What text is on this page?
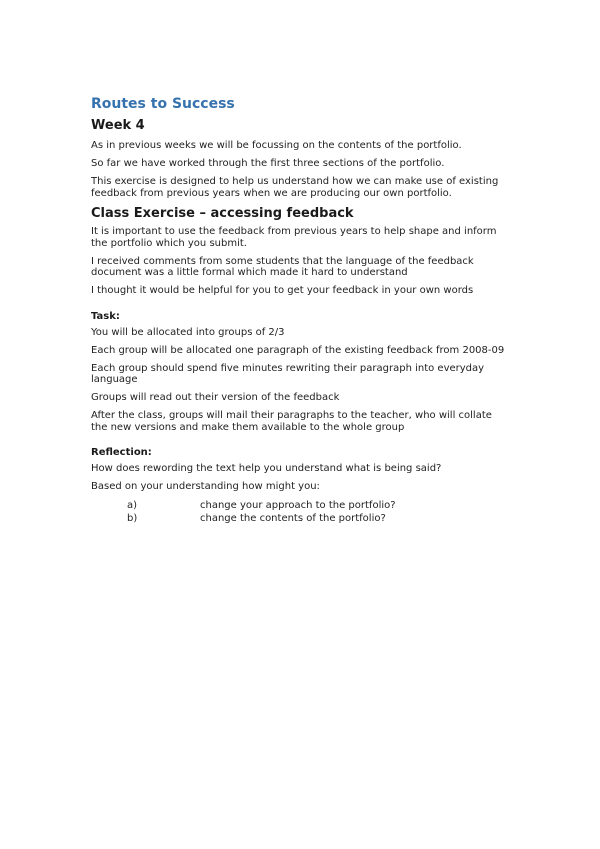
Routes to Success
Week 4

As in previous weeks we will be focussing on the contents of the portfolio.

So far we have worked through the first three sections of the portfolio.

This exercise is designed to help us understand how we can make use of existing feedback from previous years when we are producing our own portfolio.

Class Exercise – accessing feedback

It is important to use the feedback from previous years to help shape and inform the portfolio which you submit.

I received comments from some students that the language of the feedback document was a little formal which made it hard to understand

I thought it would be helpful for you to get your feedback in your own words

Task:

You will be allocated into groups of 2/3

Each group will be allocated one paragraph of the existing feedback from 2008-09

Each group should spend five minutes rewriting their paragraph into everyday language

Groups will read out their version of the feedback

After the class, groups will mail their paragraphs to the teacher, who will collate the new versions and make them available to the whole group

Reflection:

How does rewording the text help you understand what is being said?

Based on your understanding how might you:

a)	change your approach to the portfolio?
b)	change the contents of the portfolio?
